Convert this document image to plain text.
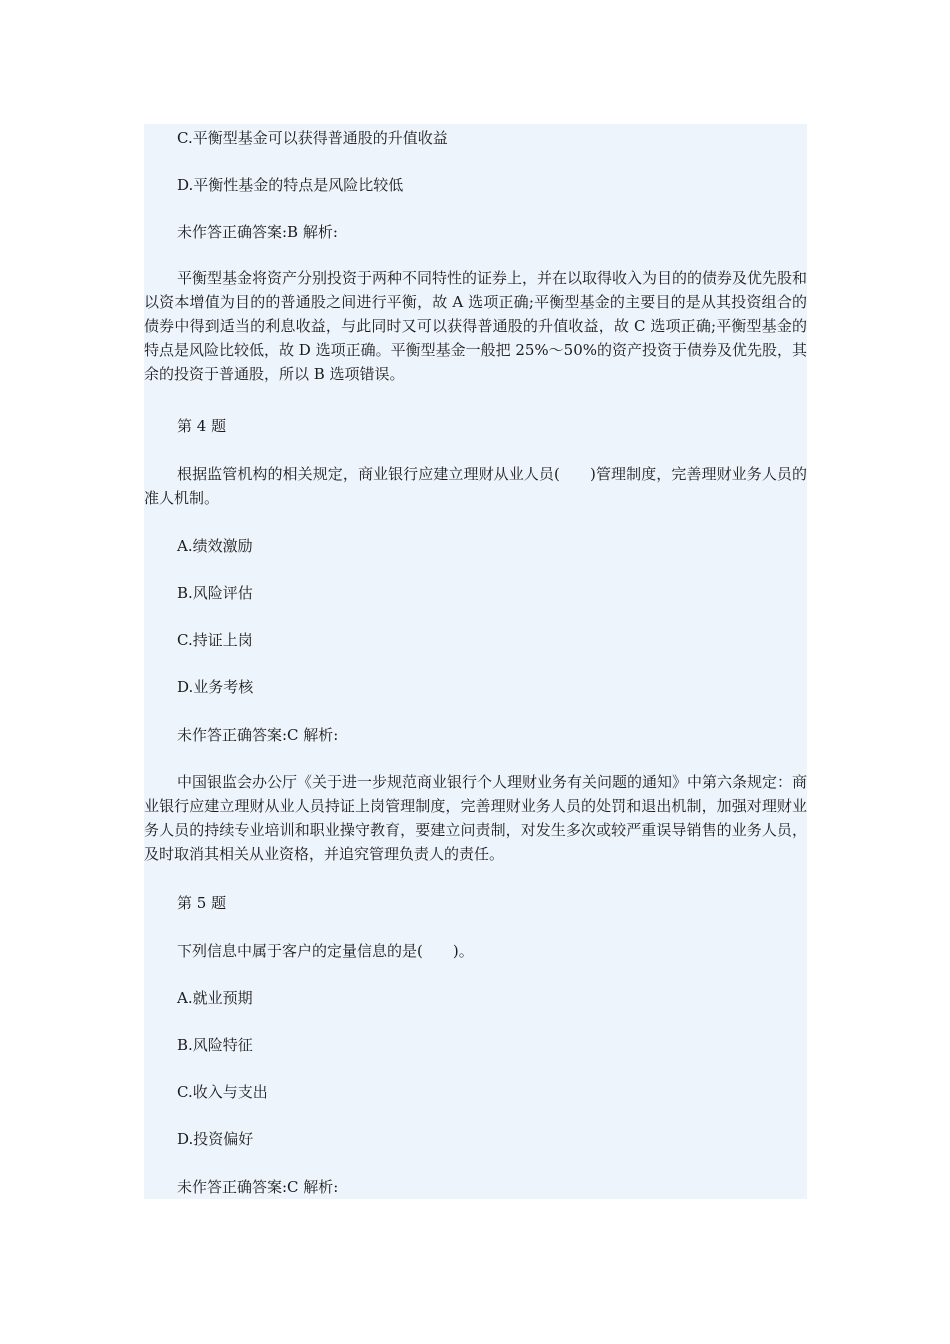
C.平衡型基金可以获得普通股的升值收益
D.平衡性基金的特点是风险比较低
未作答正确答案:B 解析:
平衡型基金将资产分别投资于两种不同特性的证券上，并在以取得收入为目的的债券及优先股和以资本增值为目的的普通股之间进行平衡，故 A 选项正确;平衡型基金的主要目的是从其投资组合的债券中得到适当的利息收益，与此同时又可以获得普通股的升值收益，故 C 选项正确;平衡型基金的特点是风险比较低，故 D 选项正确。平衡型基金一般把 25%～50%的资产投资于债券及优先股，其余的投资于普通股，所以 B 选项错误。
第 4 题
根据监管机构的相关规定，商业银行应建立理财从业人员(　　)管理制度，完善理财业务人员的准人机制。
A.绩效激励
B.风险评估
C.持证上岗
D.业务考核
未作答正确答案:C 解析:
中国银监会办公厅《关于进一步规范商业银行个人理财业务有关问题的通知》中第六条规定：商业银行应建立理财从业人员持证上岗管理制度，完善理财业务人员的处罚和退出机制，加强对理财业务人员的持续专业培训和职业操守教育，要建立问责制，对发生多次或较严重误导销售的业务人员，及时取消其相关从业资格，并追究管理负责人的责任。
第 5 题
下列信息中属于客户的定量信息的是(　　)。
A.就业预期
B.风险特征
C.收入与支出
D.投资偏好
未作答正确答案:C 解析:
